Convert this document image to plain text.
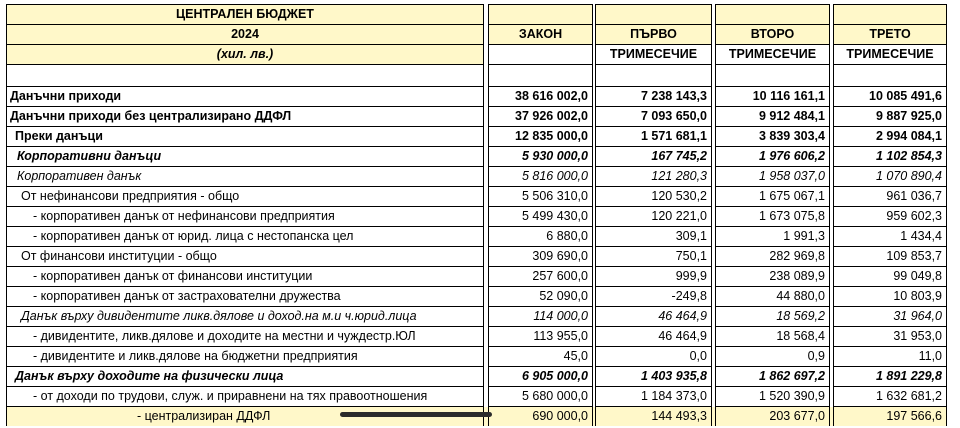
ЦЕНТРАЛЕН БЮДЖЕТ								
2024		ЗАКОН		ПЪРВО		ВТОРО		ТРЕТО
(хил. лв.)				ТРИМЕСЕЧИЕ		ТРИМЕСЕЧИЕ		ТРИМЕСЕЧИЕ

Данъчни приходи		38 616 002,0		7 238 143,3		10 116 161,1		10 085 491,6
Данъчни приходи без централизирано ДДФЛ		37 926 002,0		7 093 650,0		9 912 484,1		9 887 925,0
Преки данъци		12 835 000,0		1 571 681,1		3 839 303,4		2 994 084,1
Корпоративни данъци		5 930 000,0		167 745,2		1 976 606,2		1 102 854,3
Корпоративен данък		5 816 000,0		121 280,3		1 958 037,0		1 070 890,4
От нефинансови предприятия - общо		5 506 310,0		120 530,2		1 675 067,1		961 036,7
- корпоративен данък от нефинансови предприятия		5 499 430,0		120 221,0		1 673 075,8		959 602,3
- корпоративен данък от юрид. лица с нестопанска цел		6 880,0		309,1		1 991,3		1 434,4
От финансови институции - общо		309 690,0		750,1		282 969,8		109 853,7
- корпоративен данък от финансови институции		257 600,0		999,9		238 089,9		99 049,8
- корпоративен данък от застрахователни дружества		52 090,0		-249,8		44 880,0		10 803,9
Данък върху дивидентите ликв.дялове и доход.на м.и ч.юрид.лица		114 000,0		46 464,9		18 569,2		31 964,0
- дивидентите, ликв.дялове и доходите на местни и чуждестр.ЮЛ		113 955,0		46 464,9		18 568,4		31 953,0
- дивидентите и ликв.дялове на бюджетни предприятия		45,0		0,0		0,9		11,0
Данък върху доходите на физически лица		6 905 000,0		1 403 935,8		1 862 697,2		1 891 229,8
- от доходи по трудови, служ. и приравнени на тях правоотношения		5 680 000,0		1 184 373,0		1 520 390,9		1 632 681,2
- централизиран ДДФЛ		690 000,0		144 493,3		203 677,0		197 566,6
